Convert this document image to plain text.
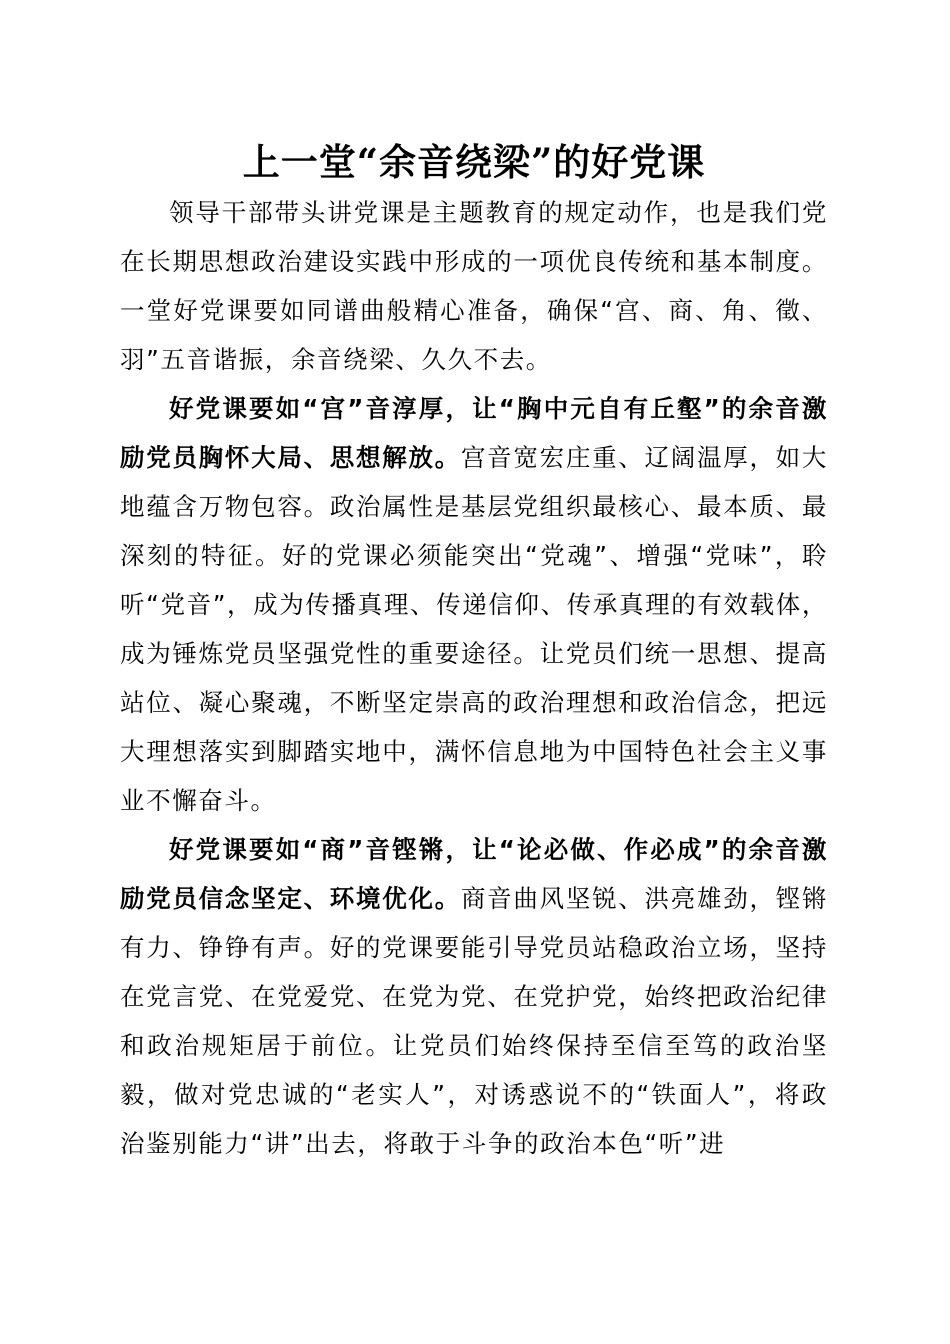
上一堂“余音绕梁”的好党课

领导干部带头讲党课是主题教育的规定动作，也是我们党在长期思想政治建设实践中形成的一项优良传统和基本制度。一堂好党课要如同谱曲般精心准备，确保“宫、商、角、徵、羽”五音谐振，余音绕梁、久久不去。

好党课要如“宫”音淳厚，让“胸中元自有丘壑”的余音激励党员胸怀大局、思想解放。宫音宽宏庄重、辽阔温厚，如大地蕴含万物包容。政治属性是基层党组织最核心、最本质、最深刻的特征。好的党课必须能突出“党魂”、增强“党味”，聆听“党音”，成为传播真理、传递信仰、传承真理的有效载体，成为锤炼党员坚强党性的重要途径。让党员们统一思想、提高站位、凝心聚魂，不断坚定崇高的政治理想和政治信念，把远大理想落实到脚踏实地中，满怀信息地为中国特色社会主义事业不懈奋斗。

好党课要如“商”音铿锵，让“论必做、作必成”的余音激励党员信念坚定、环境优化。商音曲风坚锐、洪亮雄劲，铿锵有力、铮铮有声。好的党课要能引导党员站稳政治立场，坚持在党言党、在党爱党、在党为党、在党护党，始终把政治纪律和政治规矩居于前位。让党员们始终保持至信至笃的政治坚毅，做对党忠诚的“老实人”，对诱惑说不的“铁面人”，将政治鉴别能力“讲”出去，将敢于斗争的政治本色“听”进
